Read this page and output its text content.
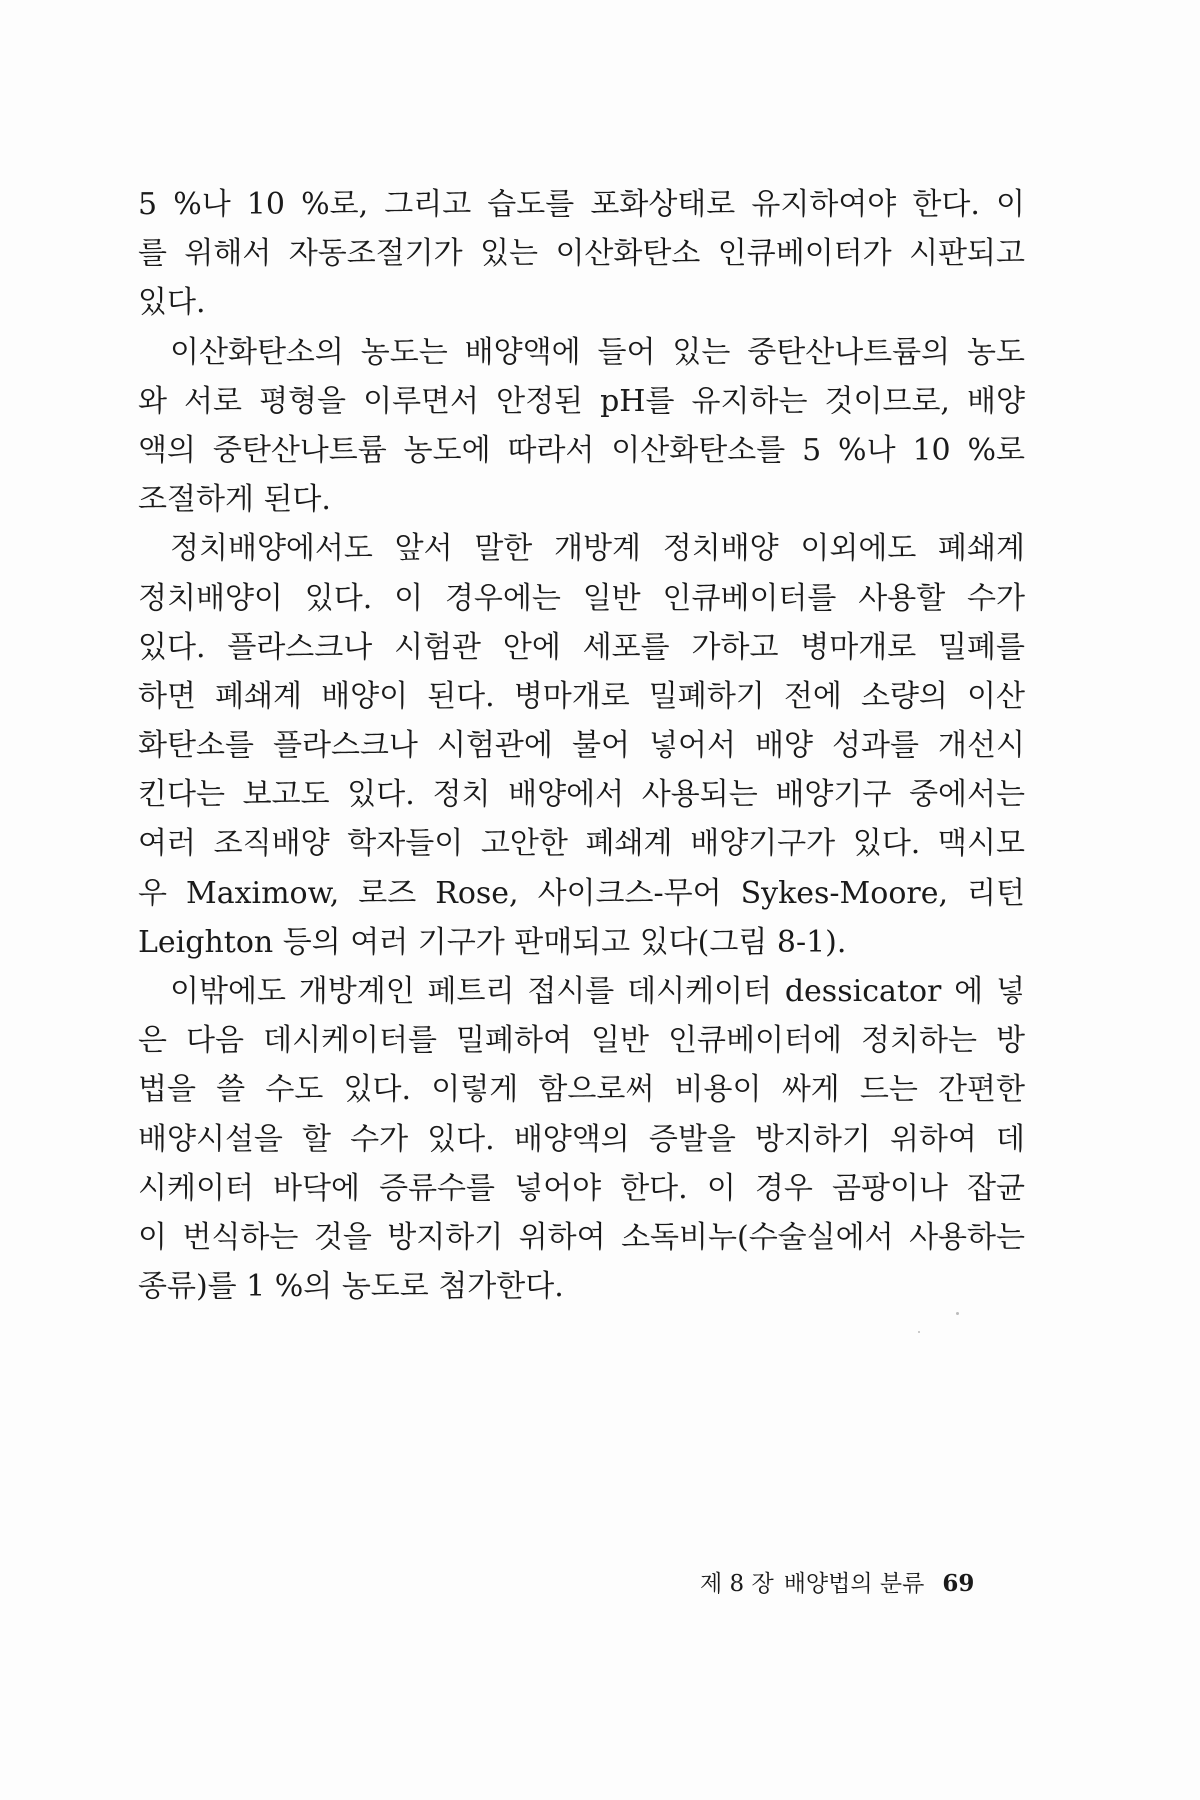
5 %나 10 %로, 그리고 습도를 포화상태로 유지하여야 한다. 이
를 위해서 자동조절기가 있는 이산화탄소 인큐베이터가 시판되고
있다.
이산화탄소의 농도는 배양액에 들어 있는 중탄산나트륨의 농도
와 서로 평형을 이루면서 안정된 pH를 유지하는 것이므로, 배양
액의 중탄산나트륨 농도에 따라서 이산화탄소를 5 %나 10 %로
조절하게 된다.
정치배양에서도 앞서 말한 개방계 정치배양 이외에도 폐쇄계
정치배양이 있다. 이 경우에는 일반 인큐베이터를 사용할 수가
있다. 플라스크나 시험관 안에 세포를 가하고 병마개로 밀폐를
하면 폐쇄계 배양이 된다. 병마개로 밀폐하기 전에 소량의 이산
화탄소를 플라스크나 시험관에 불어 넣어서 배양 성과를 개선시
킨다는 보고도 있다. 정치 배양에서 사용되는 배양기구 중에서는
여러 조직배양 학자들이 고안한 폐쇄계 배양기구가 있다. 맥시모
우 Maximow, 로즈 Rose, 사이크스-무어 Sykes-Moore, 리턴
Leighton 등의 여러 기구가 판매되고 있다(그림 8-1).
이밖에도 개방계인 페트리 접시를 데시케이터 dessicator 에 넣
은 다음 데시케이터를 밀폐하여 일반 인큐베이터에 정치하는 방
법을 쓸 수도 있다. 이렇게 함으로써 비용이 싸게 드는 간편한
배양시설을 할 수가 있다. 배양액의 증발을 방지하기 위하여 데
시케이터 바닥에 증류수를 넣어야 한다. 이 경우 곰팡이나 잡균
이 번식하는 것을 방지하기 위하여 소독비누(수술실에서 사용하는
종류)를 1 %의 농도로 첨가한다.
제 8 장 배양법의 분류 69
